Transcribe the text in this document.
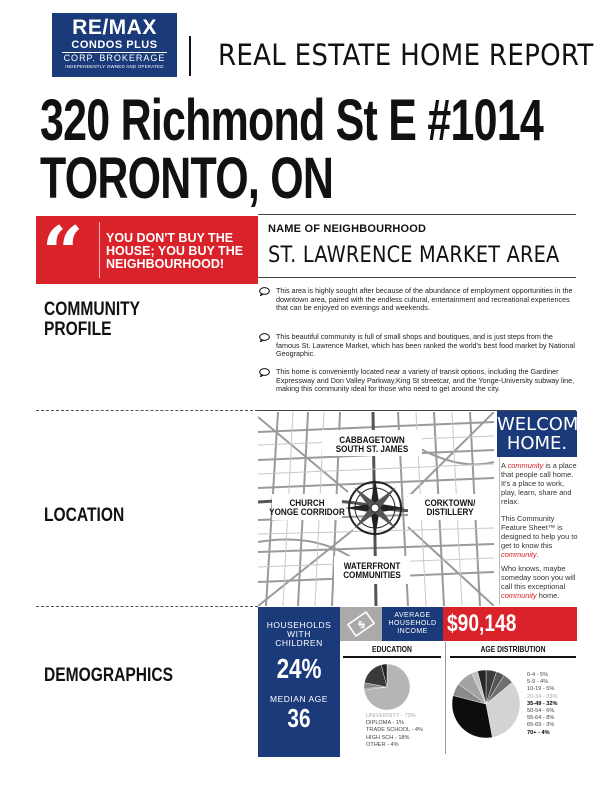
RE/MAX
CONDOS PLUS
CORP. BROKERAGE
INDEPENDENTLY OWNED AND OPERATED	REAL ESTATE HOME REPORT
320 Richmond St E #1014
TORONTO, ON
“ YOU DON'T BUY THE
HOUSE; YOU BUY THE
NEIGHBOURHOOD!
NAME OF NEIGHBOURHOOD
ST. LAWRENCE MARKET AREA
COMMUNITY
PROFILE
This area is highly sought after because of the abundance of employment opportunities in the downtown area, paired with the endless cultural, entertainment and recreational experiences that can be enjoyed on evenings and weekends.
This beautiful community is full of small shops and boutiques, and is just steps from the famous St. Lawrence Market, which has been ranked the world's best food market by National Geographic.
This home is conveniently located near a variety of transit options, including the Gardiner Expressway and Don Valley Parkway,King St streetcar, and the Yonge-University subway line, making this community ideal for those who need to get around the city.
LOCATION
CABBAGETOWN
SOUTH ST. JAMES
CHURCH
YONGE CORRIDOR
CORKTOWN/
DISTILLERY
WATERFRONT
COMMUNITIES
WELCOME
HOME.
A community is a place that people call home. It's a place to work, play, learn, share and relax.
This Community Feature Sheet™ is designed to help you to get to know this community.
Who knows, maybe someday soon you will call this exceptional community home.
DEMOGRAPHICS
HOUSEHOLDS
WITH
CHILDREN
24%
MEDIAN AGE
36
$
AVERAGE
HOUSEHOLD
INCOME $90,148
EDUCATION	AGE DISTRIBUTION
UNIVERSITY - 73%
DIPLOMA - 1%
TRADE SCHOOL - 4%
HIGH SCH - 18%
OTHER - 4%
0-4 - 5%
5-9 - 4%
10-19 - 5%
20-34 - 33%
35-49 - 32%
50-54 - 6%
55-64 - 8%
65-69 - 3%
70+ - 4%
